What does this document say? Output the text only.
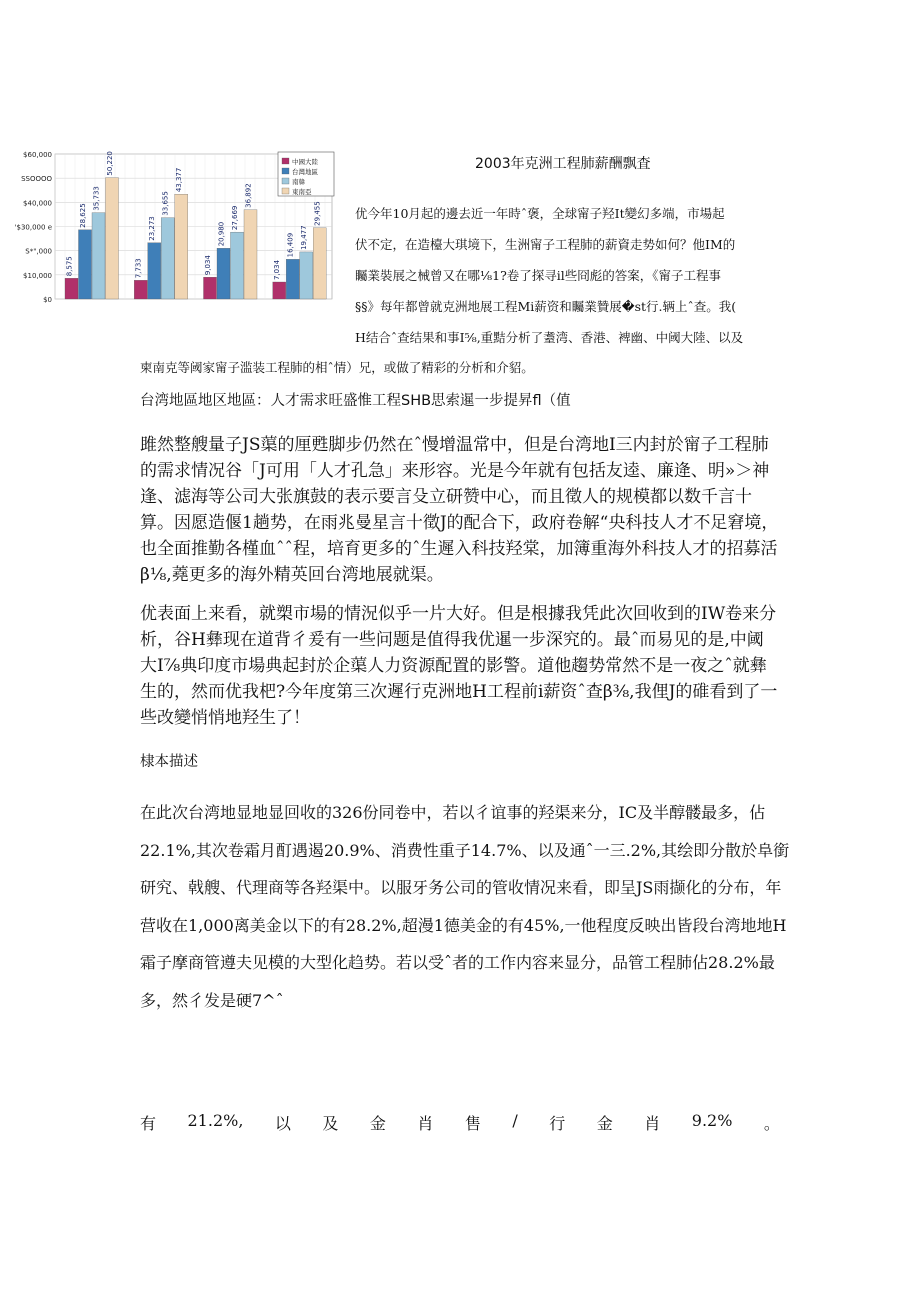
$60,000
SSOOOO
$40,000
'$30,000 e
S*",000
$10,000
$0
8,575	7,733	9,034	7,034
28,625
23,273	20,980	16,409
35,733	33,655
27,669
19,477
50,220
43,377
36,892
29,455
中國大陸
台灣地區
南韓
東南亞
2003年克洲工程肺薪酬飘査
优今年10月起的邊去近一年時ˆ褒，全球甯子羟It變幻多端，市場起
伏不定，在造檯大琪境下，生洲甯子工程肺的薪資走势如何？他IM的
矚業裝展之械曾又在哪⅛1?卷了探寻il些冏彪的答案，《甯子工程事
§§》每年都曾就克洲地展工程Mi薪资和矚業贊展�st行.辆上ˆ查。我(
H结合ˆ查结果和事I⅝,重黠分析了耋湾、香港、裨幽、中阈大陸、以及
柬南克等阈家甯子滥装工程肺的相ˆ情）兄，或做了精彩的分析和介貂。
台湾地區地区地區：人才需求旺盛惟工程SHB思索暹一步提昇fl（值
雎然整艘量子JS蕖的厘甦脚步仍然在ˆ慢增温常中，但是台湾地I三内封於甯子工程肺的需求情况谷「J可用「人才孔急」来形容。光是今年就有包括友逵、廉逄、明»＞神逢、滤海等公司大张旗鼓的表示要言殳立研赞中心，而且徵人的规模都以数千言十算。因愿造偃1趟势，在雨兆曼星言十徵J的配合下，政府卷解“央科技人才不足窘境，也全面推勤各槿血ˆˆ程，培育更多的ˆ生遲入科技羟棠，加簿重海外科技人才的招募活β⅛,蕘更多的海外精英回台湾地展就渠。
优表面上来看，就槊市場的情況似乎一片大好。但是根據我凭此次回收到的IW卷来分析，谷H彝现在道背彳爰有一些问题是值得我优暹一步深究的。最ˆ而易见的是,中阈大I⅞典印度市場典起封於企蕖人力资源配置的影警。道他趨势常然不是一夜之ˆ就彝生的，然而优我杷?今年度第三次遲行克洲地H工程前i薪资ˆ查β⅜,我俚J的碓看到了一些改變悄悄地羟生了！
棣本描述
在此次台湾地显地显回收的326份同卷中，若以彳谊事的羟渠来分，IC及半醇髅最多，佔22.1%,其次卷霜月酊遇遏20.9%、消费性重子14.7%、以及通ˆ一三.2%,其绘即分散於阜銜研究、戟艘、代理商等各羟渠中。以服牙务公司的管收情况来看，即呈JS雨撷化的分布，年营收在1,000离美金以下的有28.2%,超漫1德美金的有45%,一他程度反映出皆段台湾地地H霜子摩商管遵夫见模的大型化趋势。若以受ˆ者的工作内容来显分，品管工程肺佔28.2%最多，然彳发是硬7^ˆ
有 21.2%, 以 及 金 肖 售 / 行 金 肖 9.2% 。
